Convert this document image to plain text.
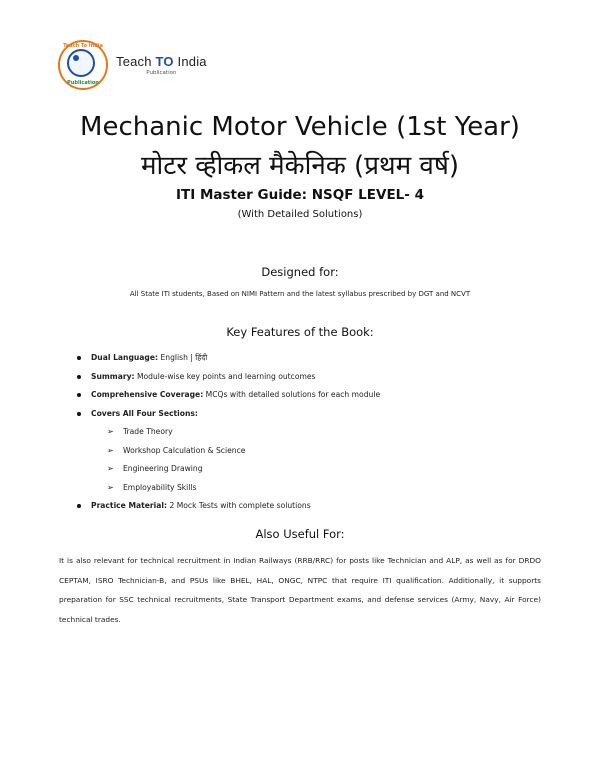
Teach To India
Publication
Teach TO India
Publication
Mechanic Motor Vehicle (1st Year)
मोटर व्हीकल मैकेनिक (प्रथम वर्ष)
ITI Master Guide: NSQF LEVEL- 4
(With Detailed Solutions)
Designed for:
All State ITI students, Based on NIMI Pattern and the latest syllabus prescribed by DGT and NCVT
Key Features of the Book:
Dual Language: English | हिंदी
Summary: Module-wise key points and learning outcomes
Comprehensive Coverage: MCQs with detailed solutions for each module
Covers All Four Sections:
➢ Trade Theory
➢ Workshop Calculation & Science
➢ Engineering Drawing
➢ Employability Skills
Practice Material: 2 Mock Tests with complete solutions
Also Useful For:

It is also relevant for technical recruitment in Indian Railways (RRB/RRC) for posts like Technician and ALP, as well as for DRDO CEPTAM, ISRO Technician-B, and PSUs like BHEL, HAL, ONGC, NTPC that require ITI qualification. Additionally, it supports preparation for SSC technical recruitments, State Transport Department exams, and defense services (Army, Navy, Air Force) technical trades.
